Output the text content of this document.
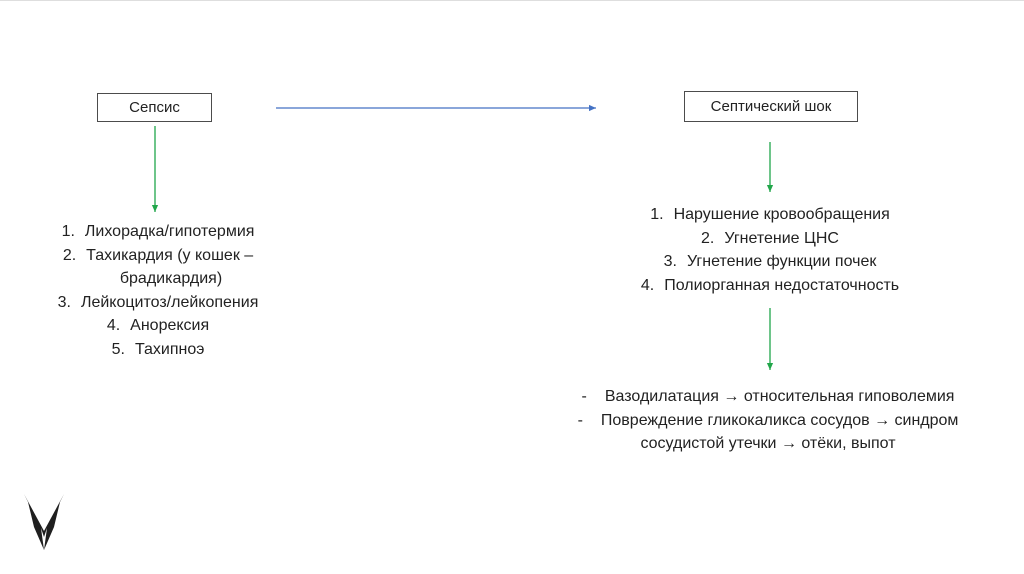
Сепсис	Септический шок
1. Лихорадка/гипотермия
2. Тахикардия (у кошек –
брадикардия)
3. Лейкоцитоз/лейкопения
4. Анорексия
5. Тахипноэ
1. Нарушение кровообращения
2. Угнетение ЦНС
3. Угнетение функции почек
4. Полиорганная недостаточность
- Вазодилатация → относительная гиповолемия
- Повреждение гликокаликса сосудов → синдром
сосудистой утечки → отёки, выпот
